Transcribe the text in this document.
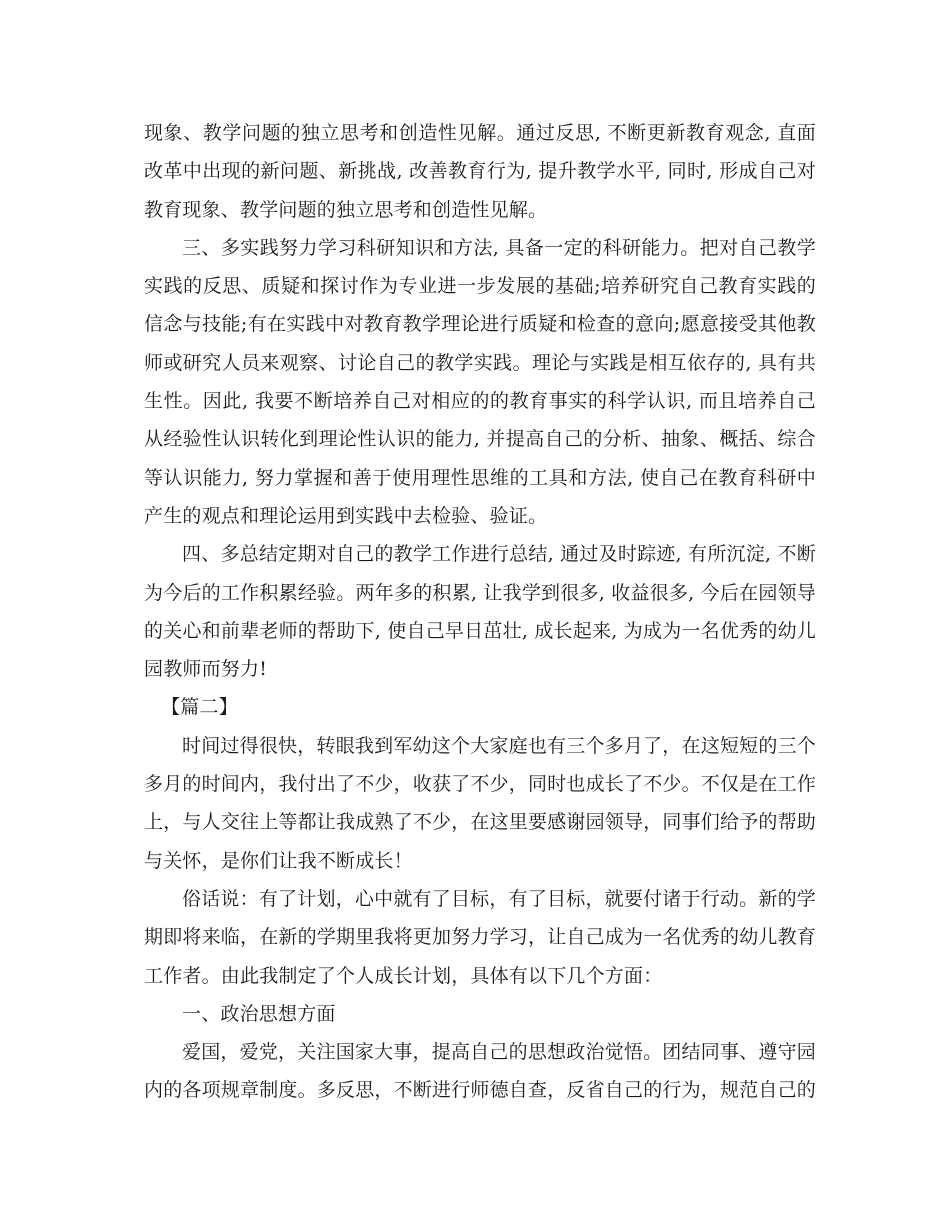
现象、教学问题的独立思考和创造性见解。通过反思, 不断更新教育观念, 直面改革中出现的新问题、新挑战, 改善教育行为, 提升教学水平, 同时, 形成自己对教育现象、教学问题的独立思考和创造性见解。

三、多实践努力学习科研知识和方法, 具备一定的科研能力。把对自己教学实践的反思、质疑和探讨作为专业进一步发展的基础;培养研究自己教育实践的信念与技能;有在实践中对教育教学理论进行质疑和检查的意向;愿意接受其他教师或研究人员来观察、讨论自己的教学实践。理论与实践是相互依存的, 具有共生性。因此, 我要不断培养自己对相应的的教育事实的科学认识, 而且培养自己从经验性认识转化到理论性认识的能力, 并提高自己的分析、抽象、概括、综合等认识能力, 努力掌握和善于使用理性思维的工具和方法, 使自己在教育科研中产生的观点和理论运用到实践中去检验、验证。

四、多总结定期对自己的教学工作进行总结, 通过及时踪迹, 有所沉淀, 不断为今后的工作积累经验。两年多的积累, 让我学到很多, 收益很多, 今后在园领导的关心和前辈老师的帮助下, 使自己早日茁壮, 成长起来, 为成为一名优秀的幼儿园教师而努力!

【篇二】

时间过得很快，转眼我到军幼这个大家庭也有三个多月了，在这短短的三个多月的时间内，我付出了不少，收获了不少，同时也成长了不少。不仅是在工作上，与人交往上等都让我成熟了不少，在这里要感谢园领导，同事们给予的帮助与关怀，是你们让我不断成长！

俗话说：有了计划，心中就有了目标，有了目标，就要付诸于行动。新的学期即将来临，在新的学期里我将更加努力学习，让自己成为一名优秀的幼儿教育工作者。由此我制定了个人成长计划，具体有以下几个方面：

一、政治思想方面

爱国，爱党，关注国家大事，提高自己的思想政治觉悟。团结同事、遵守园内的各项规章制度。多反思，不断进行师德自查，反省自己的行为，规范自己的
